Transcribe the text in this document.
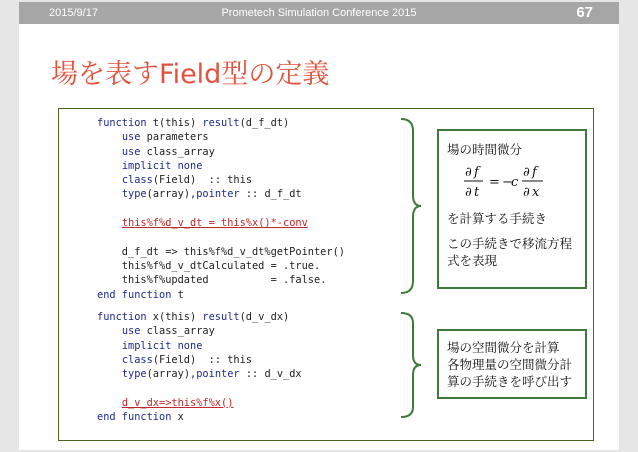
2015/9/17	Prometech Simulation Conference 2015	67
場を表すField型の定義
function t(this) result(d_f_dt)
use parameters
use class_array
implicit none
class(Field)  :: this
type(array),pointer :: d_f_dt

this%f%d_v_dt = this%x()*-conv

d_f_dt => this%f%d_v_dt%getPointer()
this%f%d_v_dtCalculated = .true.
this%f%updated          = .false.
end function t
function x(this) result(d_v_dx)
use class_array
implicit none
class(Field)  :: this
type(array),pointer :: d_v_dx

d_v_dx=>this%f%x()
end function x

場の時間微分

∂ f
∂ t
= −
c
∂ f
∂ x

を計算する手続き

この手続きで移流方程式を表現

場の空間微分を計算

各物理量の空間微分計算の手続きを呼び出す
